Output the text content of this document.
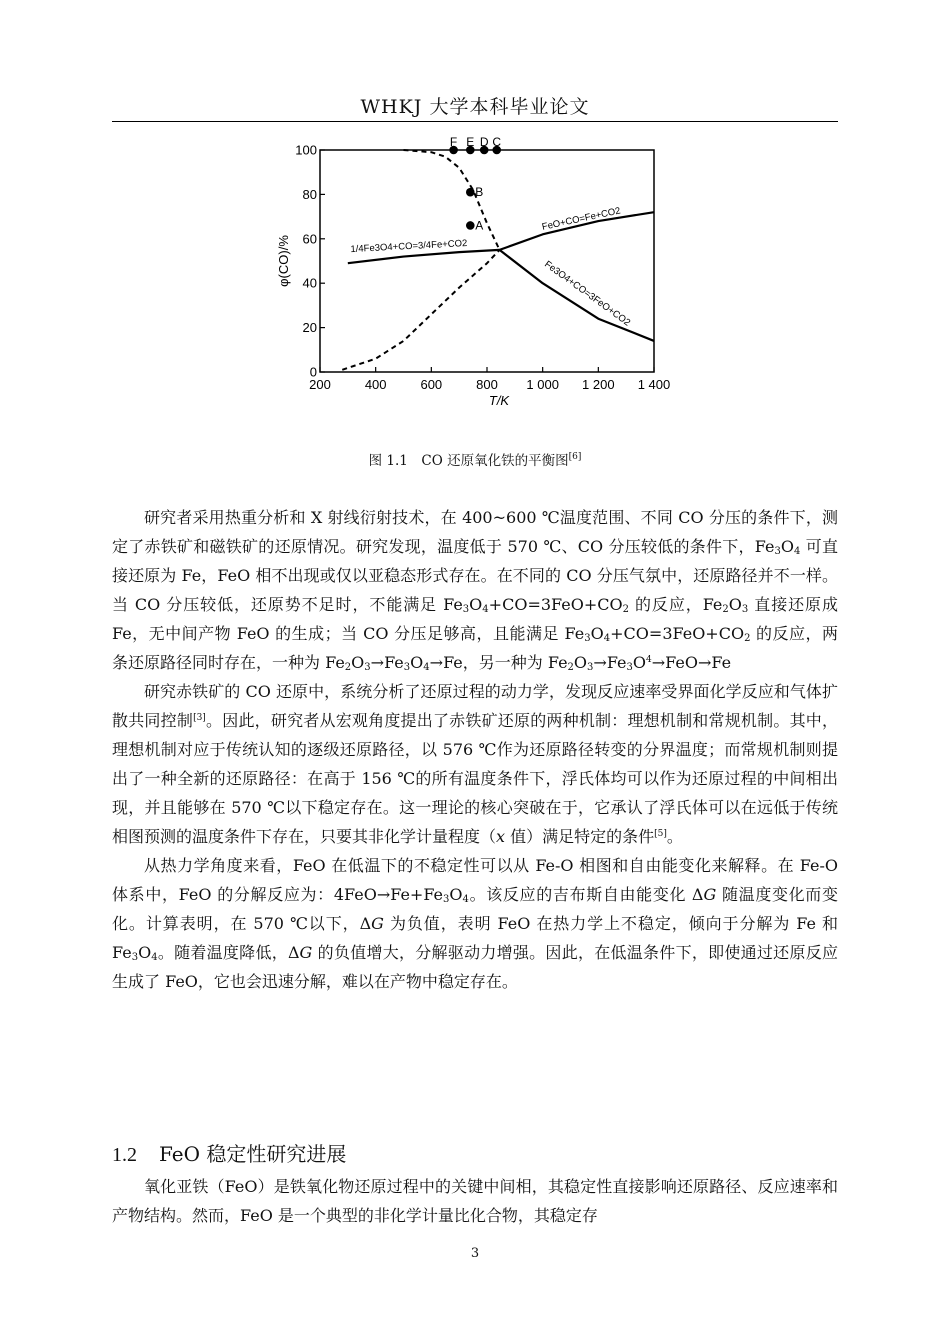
WHKJ 大学本科毕业论文
200	400	600	800 1 000 1 200 1 400
0
20
40
60
80
100
T/K
φ(CO)/%	1/4Fe3O4+CO=3/4Fe+CO2
FeO+CO=Fe+CO2
Fe3O4+CO=3FeO+CO2
F E D C
B
A
图 1.1　CO 还原氧化铁的平衡图[6]

研究者采用热重分析和 X 射线衍射技术，在 400~600 ℃温度范围、不同 CO 分压的条件下，测定了赤铁矿和磁铁矿的还原情况。研究发现，温度低于 570 ℃、CO 分压较低的条件下，$Fe_3O_4$ 可直接还原为 Fe，FeO 相不出现或仅以亚稳态形式存在。在不同的 CO 分压气氛中，还原路径并不一样。当 CO 分压较低，还原势不足时，不能满足 $Fe_3O_4+CO=3FeO+CO_2$ 的反应，$Fe_2O_3$ 直接还原成 Fe，无中间产物 FeO 的生成；当 CO 分压足够高，且能满足 $Fe_3O_4+CO=3FeO+CO_2$ 的反应，两条还原路径同时存在，一种为 $Fe_2O_3\to Fe_3O_4\to Fe$，另一种为 $Fe_2O_3\to Fe_3O^4\to FeO\to Fe$

研究赤铁矿的 CO 还原中，系统分析了还原过程的动力学，发现反应速率受界面化学反应和气体扩散共同控制[3]。因此，研究者从宏观角度提出了赤铁矿还原的两种机制：理想机制和常规机制。其中，理想机制对应于传统认知的逐级还原路径，以 576 ℃作为还原路径转变的分界温度；而常规机制则提出了一种全新的还原路径：在高于 156 ℃的所有温度条件下，浮氏体均可以作为还原过程的中间相出现，并且能够在 570 ℃以下稳定存在。这一理论的核心突破在于，它承认了浮氏体可以在远低于传统相图预测的温度条件下存在，只要其非化学计量程度（x 值）满足特定的条件[5]。

从热力学角度来看，FeO 在低温下的不稳定性可以从 Fe-O 相图和自由能变化来解释。在 Fe-O 体系中，FeO 的分解反应为：$4FeO\to Fe+Fe_3O_4$。该反应的吉布斯自由能变化 ΔG 随温度变化而变化。计算表明，在 570 ℃以下，ΔG 为负值，表明 FeO 在热力学上不稳定，倾向于分解为 Fe 和 $Fe_3O_4$。随着温度降低，ΔG 的负值增大，分解驱动力增强。因此，在低温条件下，即使通过还原反应生成了 FeO，它也会迅速分解，难以在产物中稳定存在。

1.2 FeO 稳定性研究进展

氧化亚铁（FeO）是铁氧化物还原过程中的关键中间相，其稳定性直接影响还原路径、反应速率和产物结构。然而，FeO 是一个典型的非化学计量比化合物，其稳定存

3
